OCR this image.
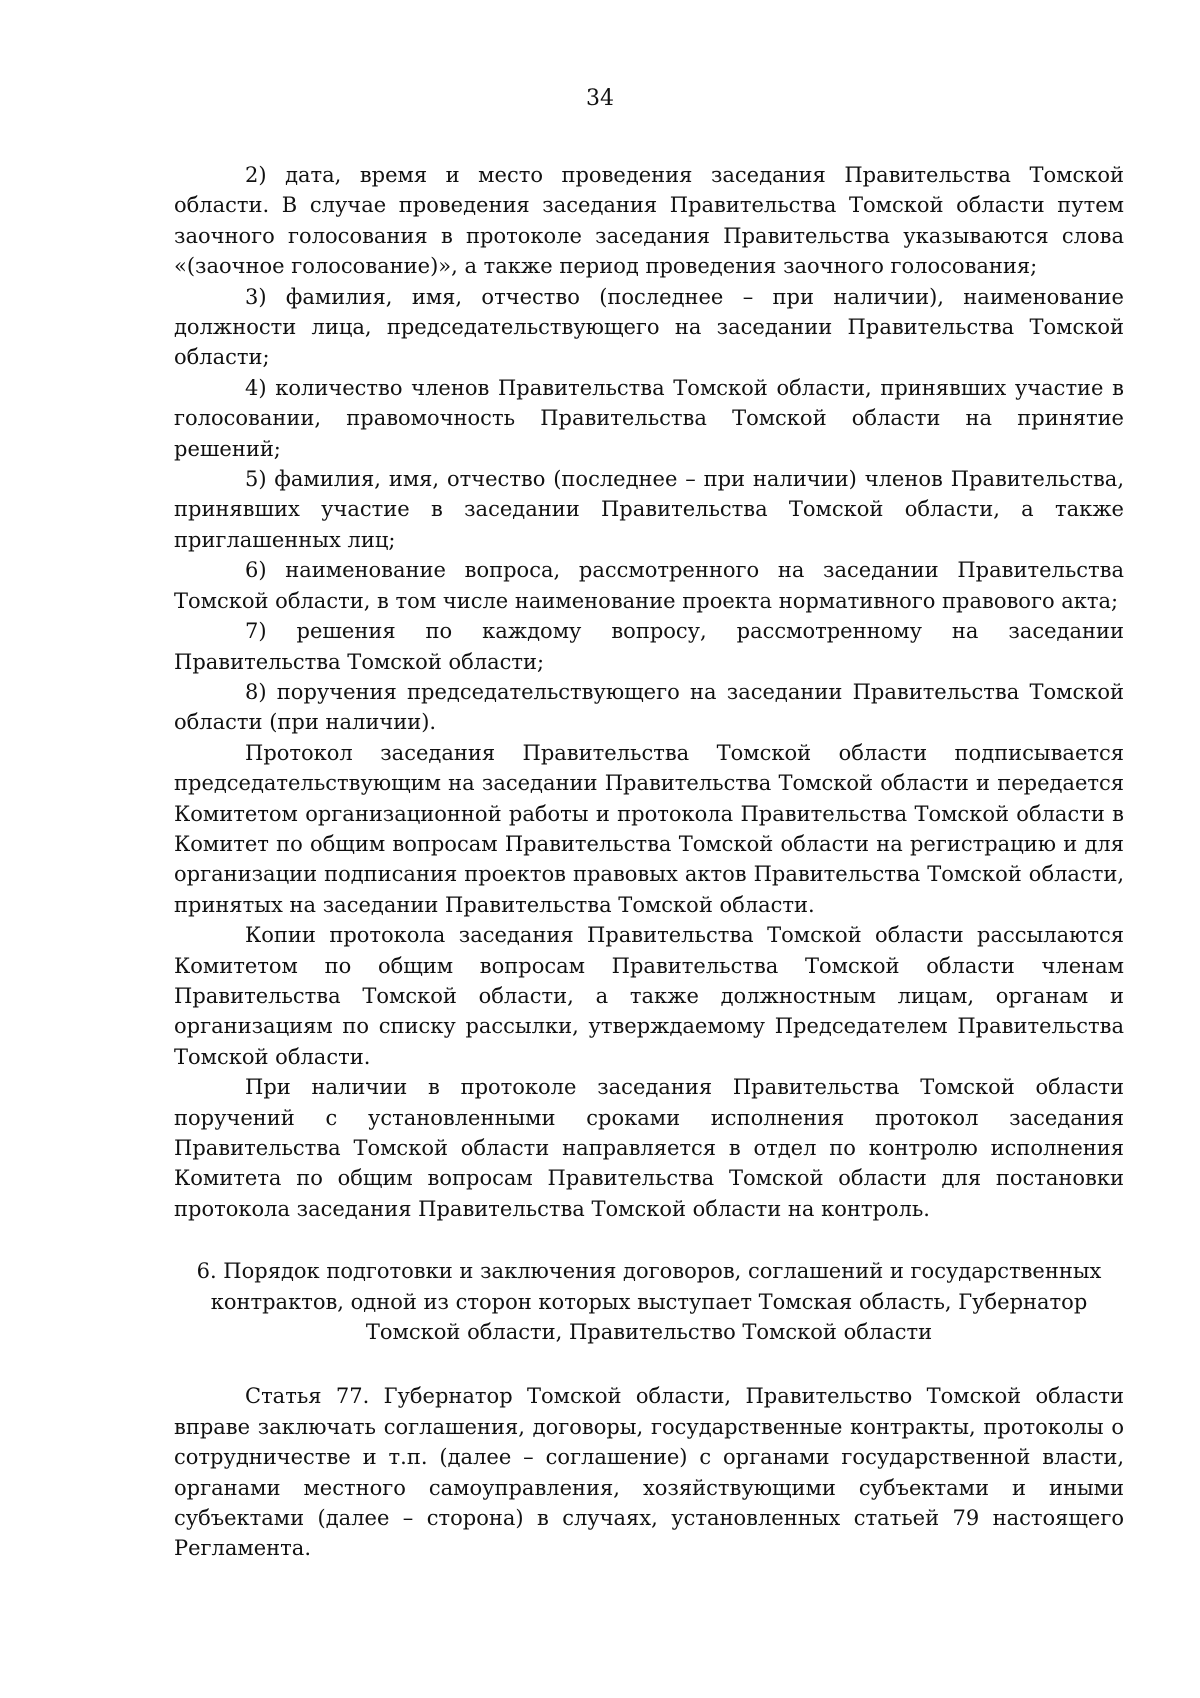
34

2) дата, время и место проведения заседания Правительства Томской области. В случае проведения заседания Правительства Томской области путем заочного голосования в протоколе заседания Правительства указываются слова «(заочное голосование)», а также период проведения заочного голосования;

3) фамилия, имя, отчество (последнее – при наличии), наименование должности лица, председательствующего на заседании Правительства Томской области;

4) количество членов Правительства Томской области, принявших участие в голосовании, правомочность Правительства Томской области на принятие решений;

5) фамилия, имя, отчество (последнее – при наличии) членов Правительства, принявших участие в заседании Правительства Томской области, а также приглашенных лиц;

6) наименование вопроса, рассмотренного на заседании Правительства Томской области, в том числе наименование проекта нормативного правового акта;

7) решения по каждому вопросу, рассмотренному на заседании Правительства Томской области;

8) поручения председательствующего на заседании Правительства Томской области (при наличии).

Протокол заседания Правительства Томской области подписывается председательствующим на заседании Правительства Томской области и передается Комитетом организационной работы и протокола Правительства Томской области в Комитет по общим вопросам Правительства Томской области на регистрацию и для организации подписания проектов правовых актов Правительства Томской области, принятых на заседании Правительства Томской области.

Копии протокола заседания Правительства Томской области рассылаются Комитетом по общим вопросам Правительства Томской области членам Правительства Томской области, а также должностным лицам, органам и организациям по списку рассылки, утверждаемому Председателем Правительства Томской области.

При наличии в протоколе заседания Правительства Томской области поручений с установленными сроками исполнения протокол заседания Правительства Томской области направляется в отдел по контролю исполнения Комитета по общим вопросам Правительства Томской области для постановки протокола заседания Правительства Томской области на контроль.

6. Порядок подготовки и заключения договоров, соглашений и государственных контрактов, одной из сторон которых выступает Томская область, Губернатор Томской области, Правительство Томской области

Статья 77. Губернатор Томской области, Правительство Томской области вправе заключать соглашения, договоры, государственные контракты, протоколы о сотрудничестве и т.п. (далее – соглашение) с органами государственной власти, органами местного самоуправления, хозяйствующими субъектами и иными субъектами (далее – сторона) в случаях, установленных статьей 79 настоящего Регламента.
